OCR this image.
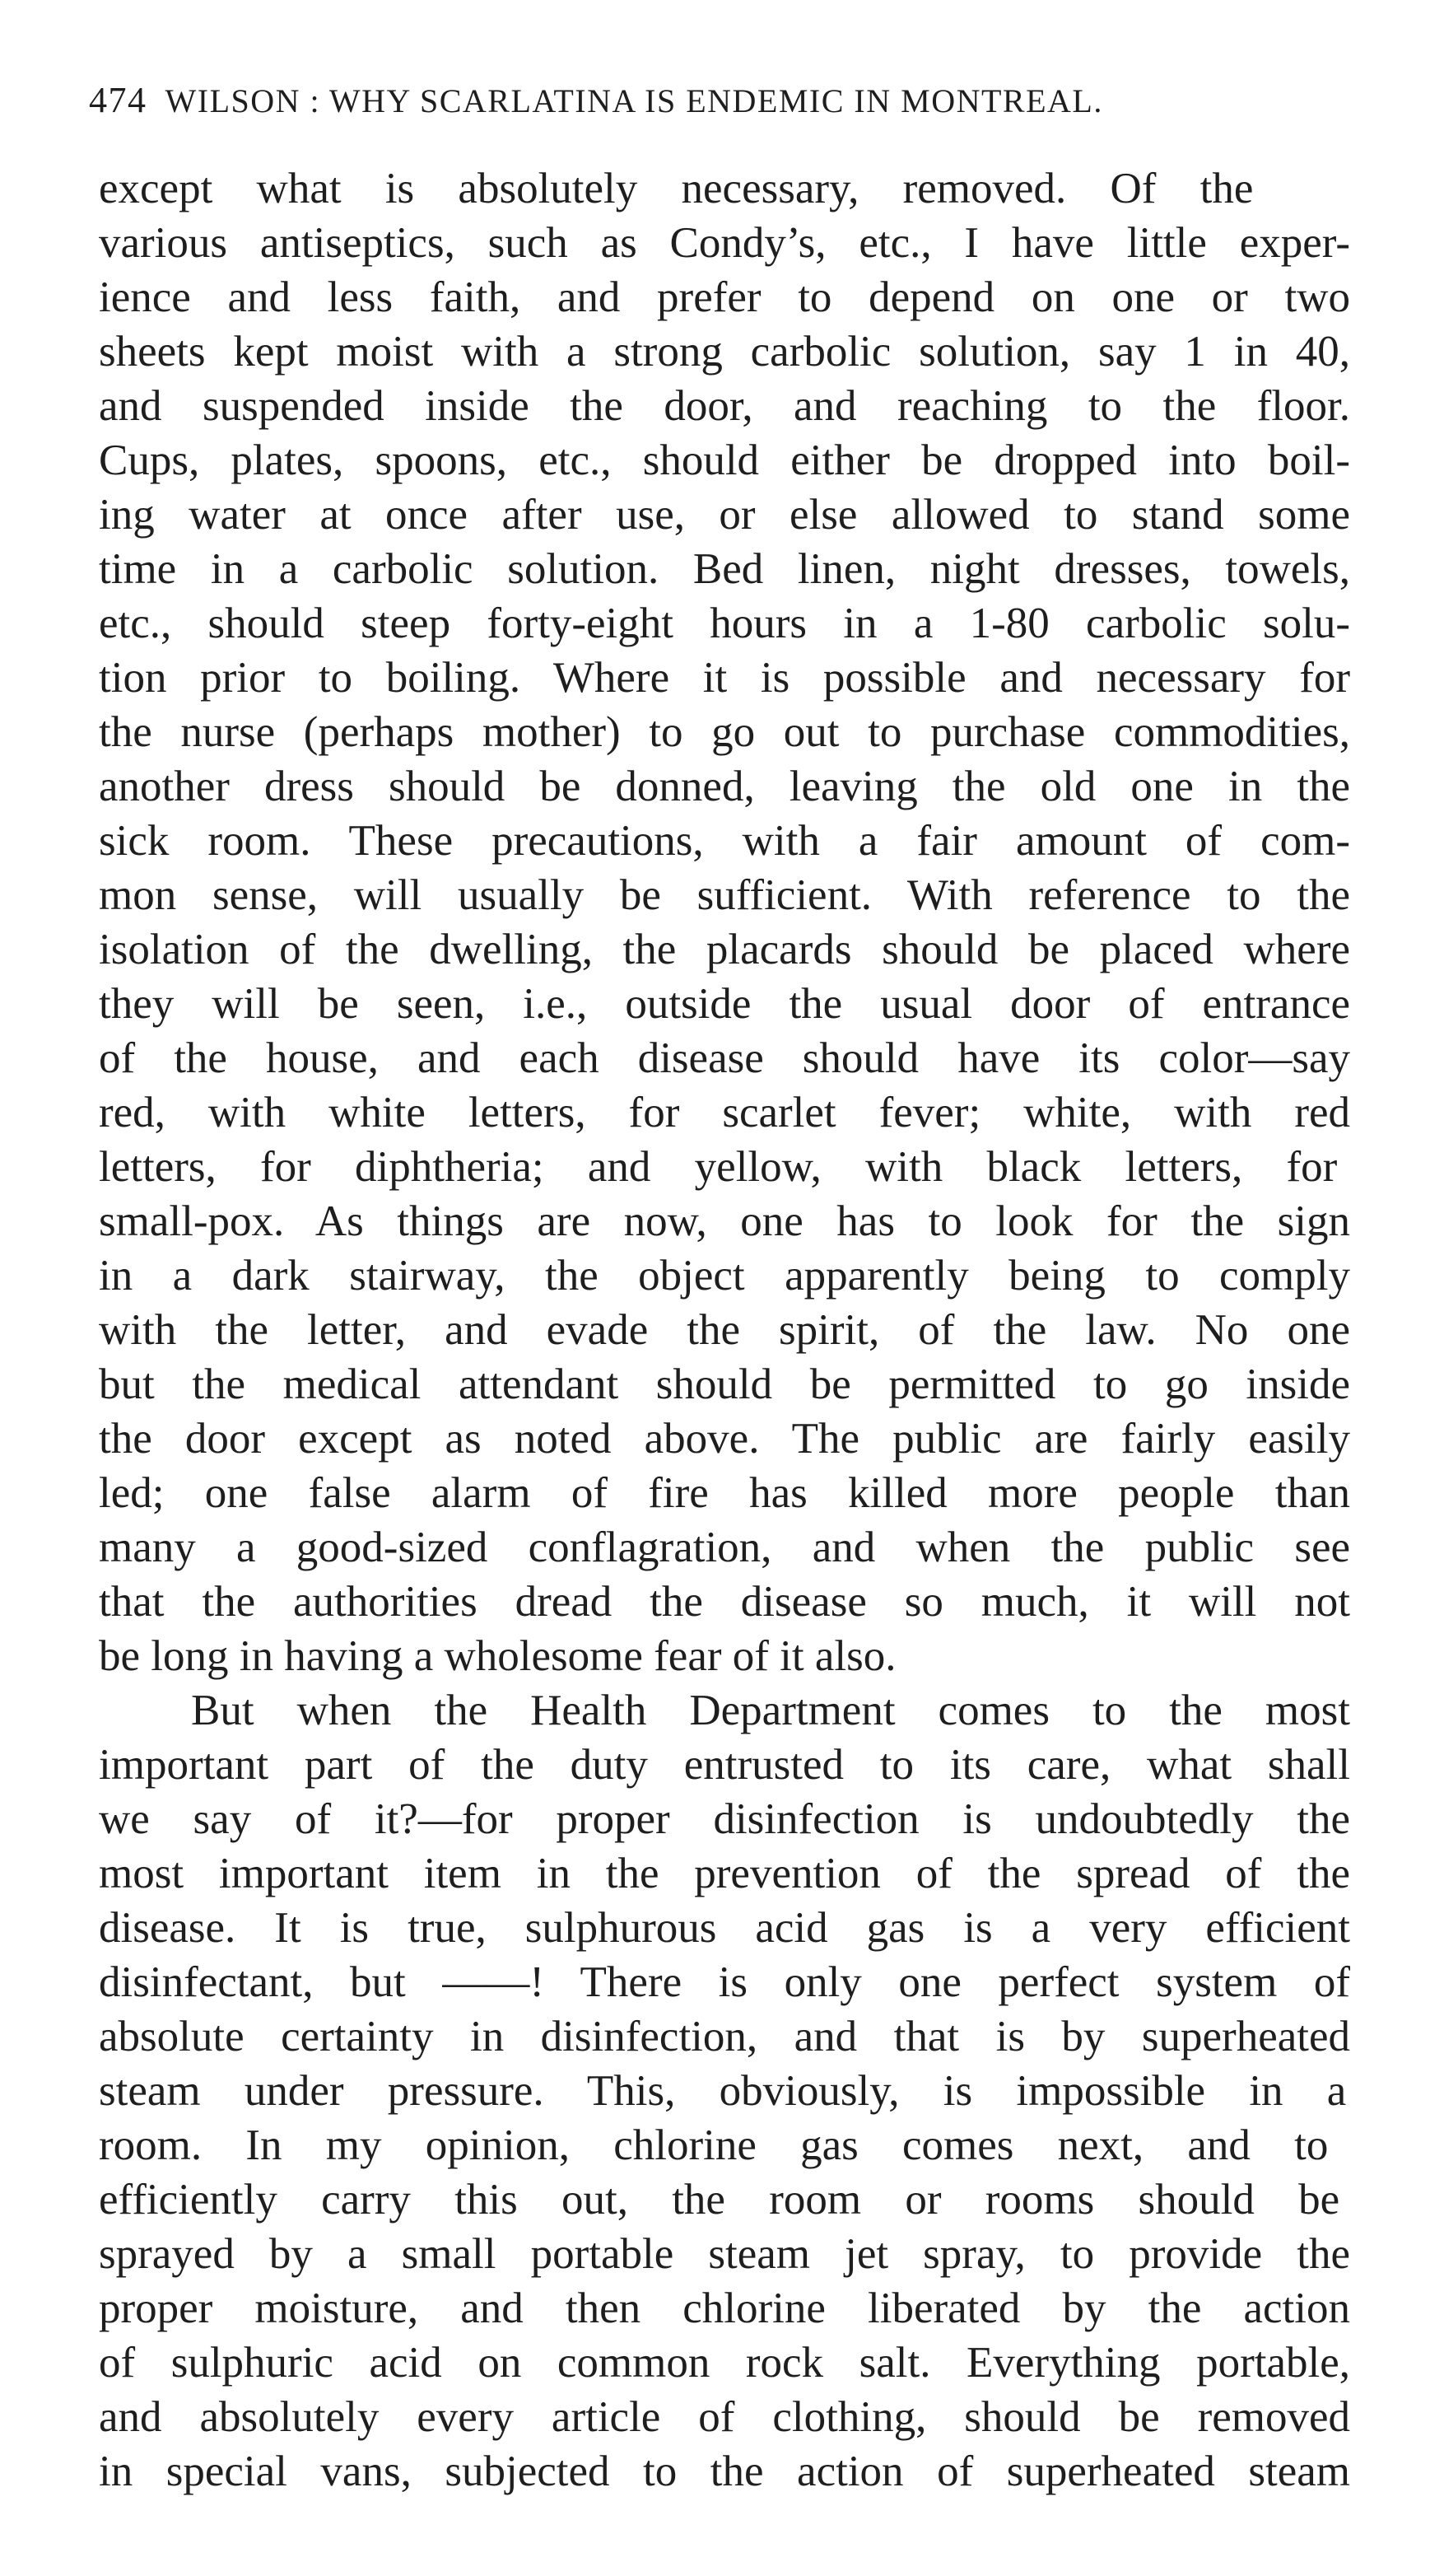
474 WILSON : WHY SCARLATINA IS ENDEMIC IN MONTREAL.
except what is absolutely necessary, removed. Of the
various antiseptics, such as Condy’s, etc., I have little exper-
ience and less faith, and prefer to depend on one or two
sheets kept moist with a strong carbolic solution, say 1 in 40,
and suspended inside the door, and reaching to the floor.
Cups, plates, spoons, etc., should either be dropped into boil-
ing water at once after use, or else allowed to stand some
time in a carbolic solution. Bed linen, night dresses, towels,
etc., should steep forty-eight hours in a 1-80 carbolic solu-
tion prior to boiling. Where it is possible and necessary for
the nurse (perhaps mother) to go out to purchase commodities,
another dress should be donned, leaving the old one in the
sick room. These precautions, with a fair amount of com-
mon sense, will usually be sufficient. With reference to the
isolation of the dwelling, the placards should be placed where
they will be seen, i.e., outside the usual door of entrance
of the house, and each disease should have its color—say
red, with white letters, for scarlet fever; white, with red
letters, for diphtheria; and yellow, with black letters, for
small-pox. As things are now, one has to look for the sign
in a dark stairway, the object apparently being to comply
with the letter, and evade the spirit, of the law. No one
but the medical attendant should be permitted to go inside
the door except as noted above. The public are fairly easily
led; one false alarm of fire has killed more people than
many a good-sized conflagration, and when the public see
that the authorities dread the disease so much, it will not
be long in having a wholesome fear of it also.
But when the Health Department comes to the most
important part of the duty entrusted to its care, what shall
we say of it?—for proper disinfection is undoubtedly the
most important item in the prevention of the spread of the
disease. It is true, sulphurous acid gas is a very efficient
disinfectant, but ——! There is only one perfect system of
absolute certainty in disinfection, and that is by superheated
steam under pressure. This, obviously, is impossible in a
room. In my opinion, chlorine gas comes next, and to
efficiently carry this out, the room or rooms should be
sprayed by a small portable steam jet spray, to provide the
proper moisture, and then chlorine liberated by the action
of sulphuric acid on common rock salt. Everything portable,
and absolutely every article of clothing, should be removed
in special vans, subjected to the action of superheated steam
